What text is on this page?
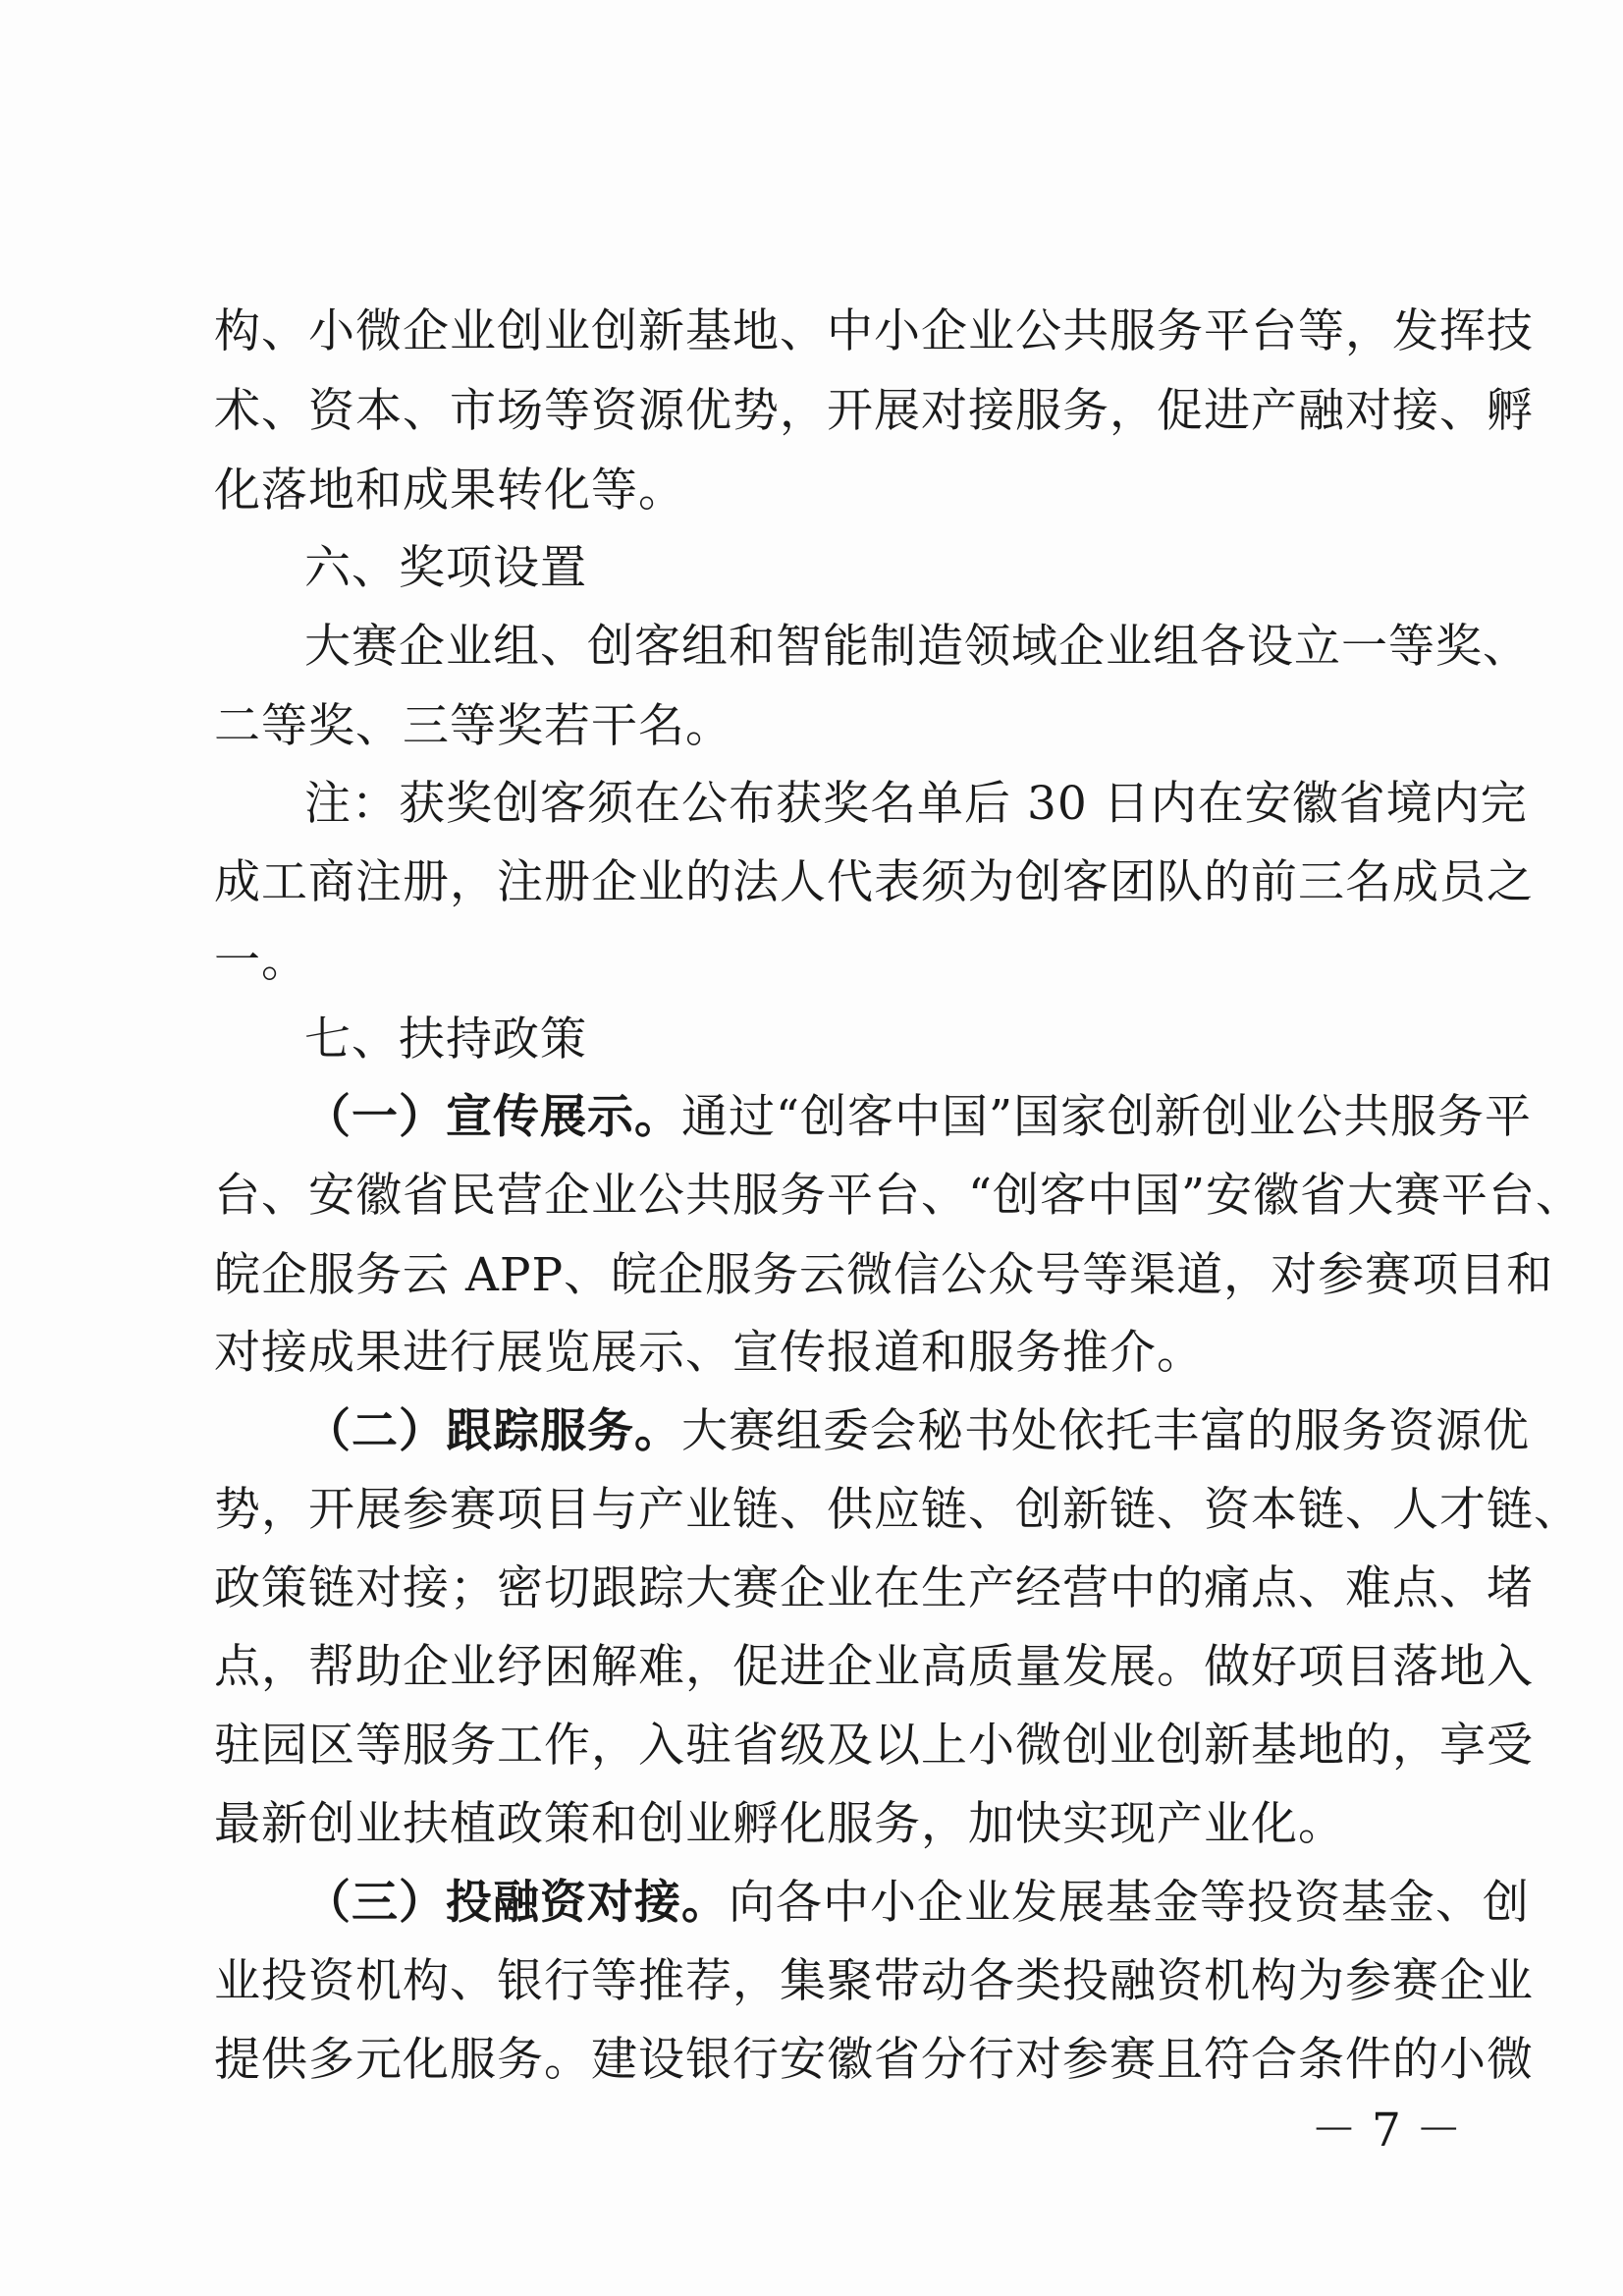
构、小微企业创业创新基地、中小企业公共服务平台等，发挥技
术、资本、市场等资源优势，开展对接服务，促进产融对接、孵
化落地和成果转化等。
六、奖项设置
大赛企业组、创客组和智能制造领域企业组各设立一等奖、
二等奖、三等奖若干名。
注：获奖创客须在公布获奖名单后 30 日内在安徽省境内完
成工商注册，注册企业的法人代表须为创客团队的前三名成员之
一。
七、扶持政策
（一）宣传展示。通过“创客中国”国家创新创业公共服务平
台、安徽省民营企业公共服务平台、“创客中国”安徽省大赛平台、
皖企服务云 APP、皖企服务云微信公众号等渠道，对参赛项目和
对接成果进行展览展示、宣传报道和服务推介。
（二）跟踪服务。大赛组委会秘书处依托丰富的服务资源优
势，开展参赛项目与产业链、供应链、创新链、资本链、人才链、
政策链对接；密切跟踪大赛企业在生产经营中的痛点、难点、堵
点，帮助企业纾困解难，促进企业高质量发展。做好项目落地入
驻园区等服务工作，入驻省级及以上小微创业创新基地的，享受
最新创业扶植政策和创业孵化服务，加快实现产业化。
（三）投融资对接。向各中小企业发展基金等投资基金、创
业投资机构、银行等推荐，集聚带动各类投融资机构为参赛企业
提供多元化服务。建设银行安徽省分行对参赛且符合条件的小微
－ 7 －
